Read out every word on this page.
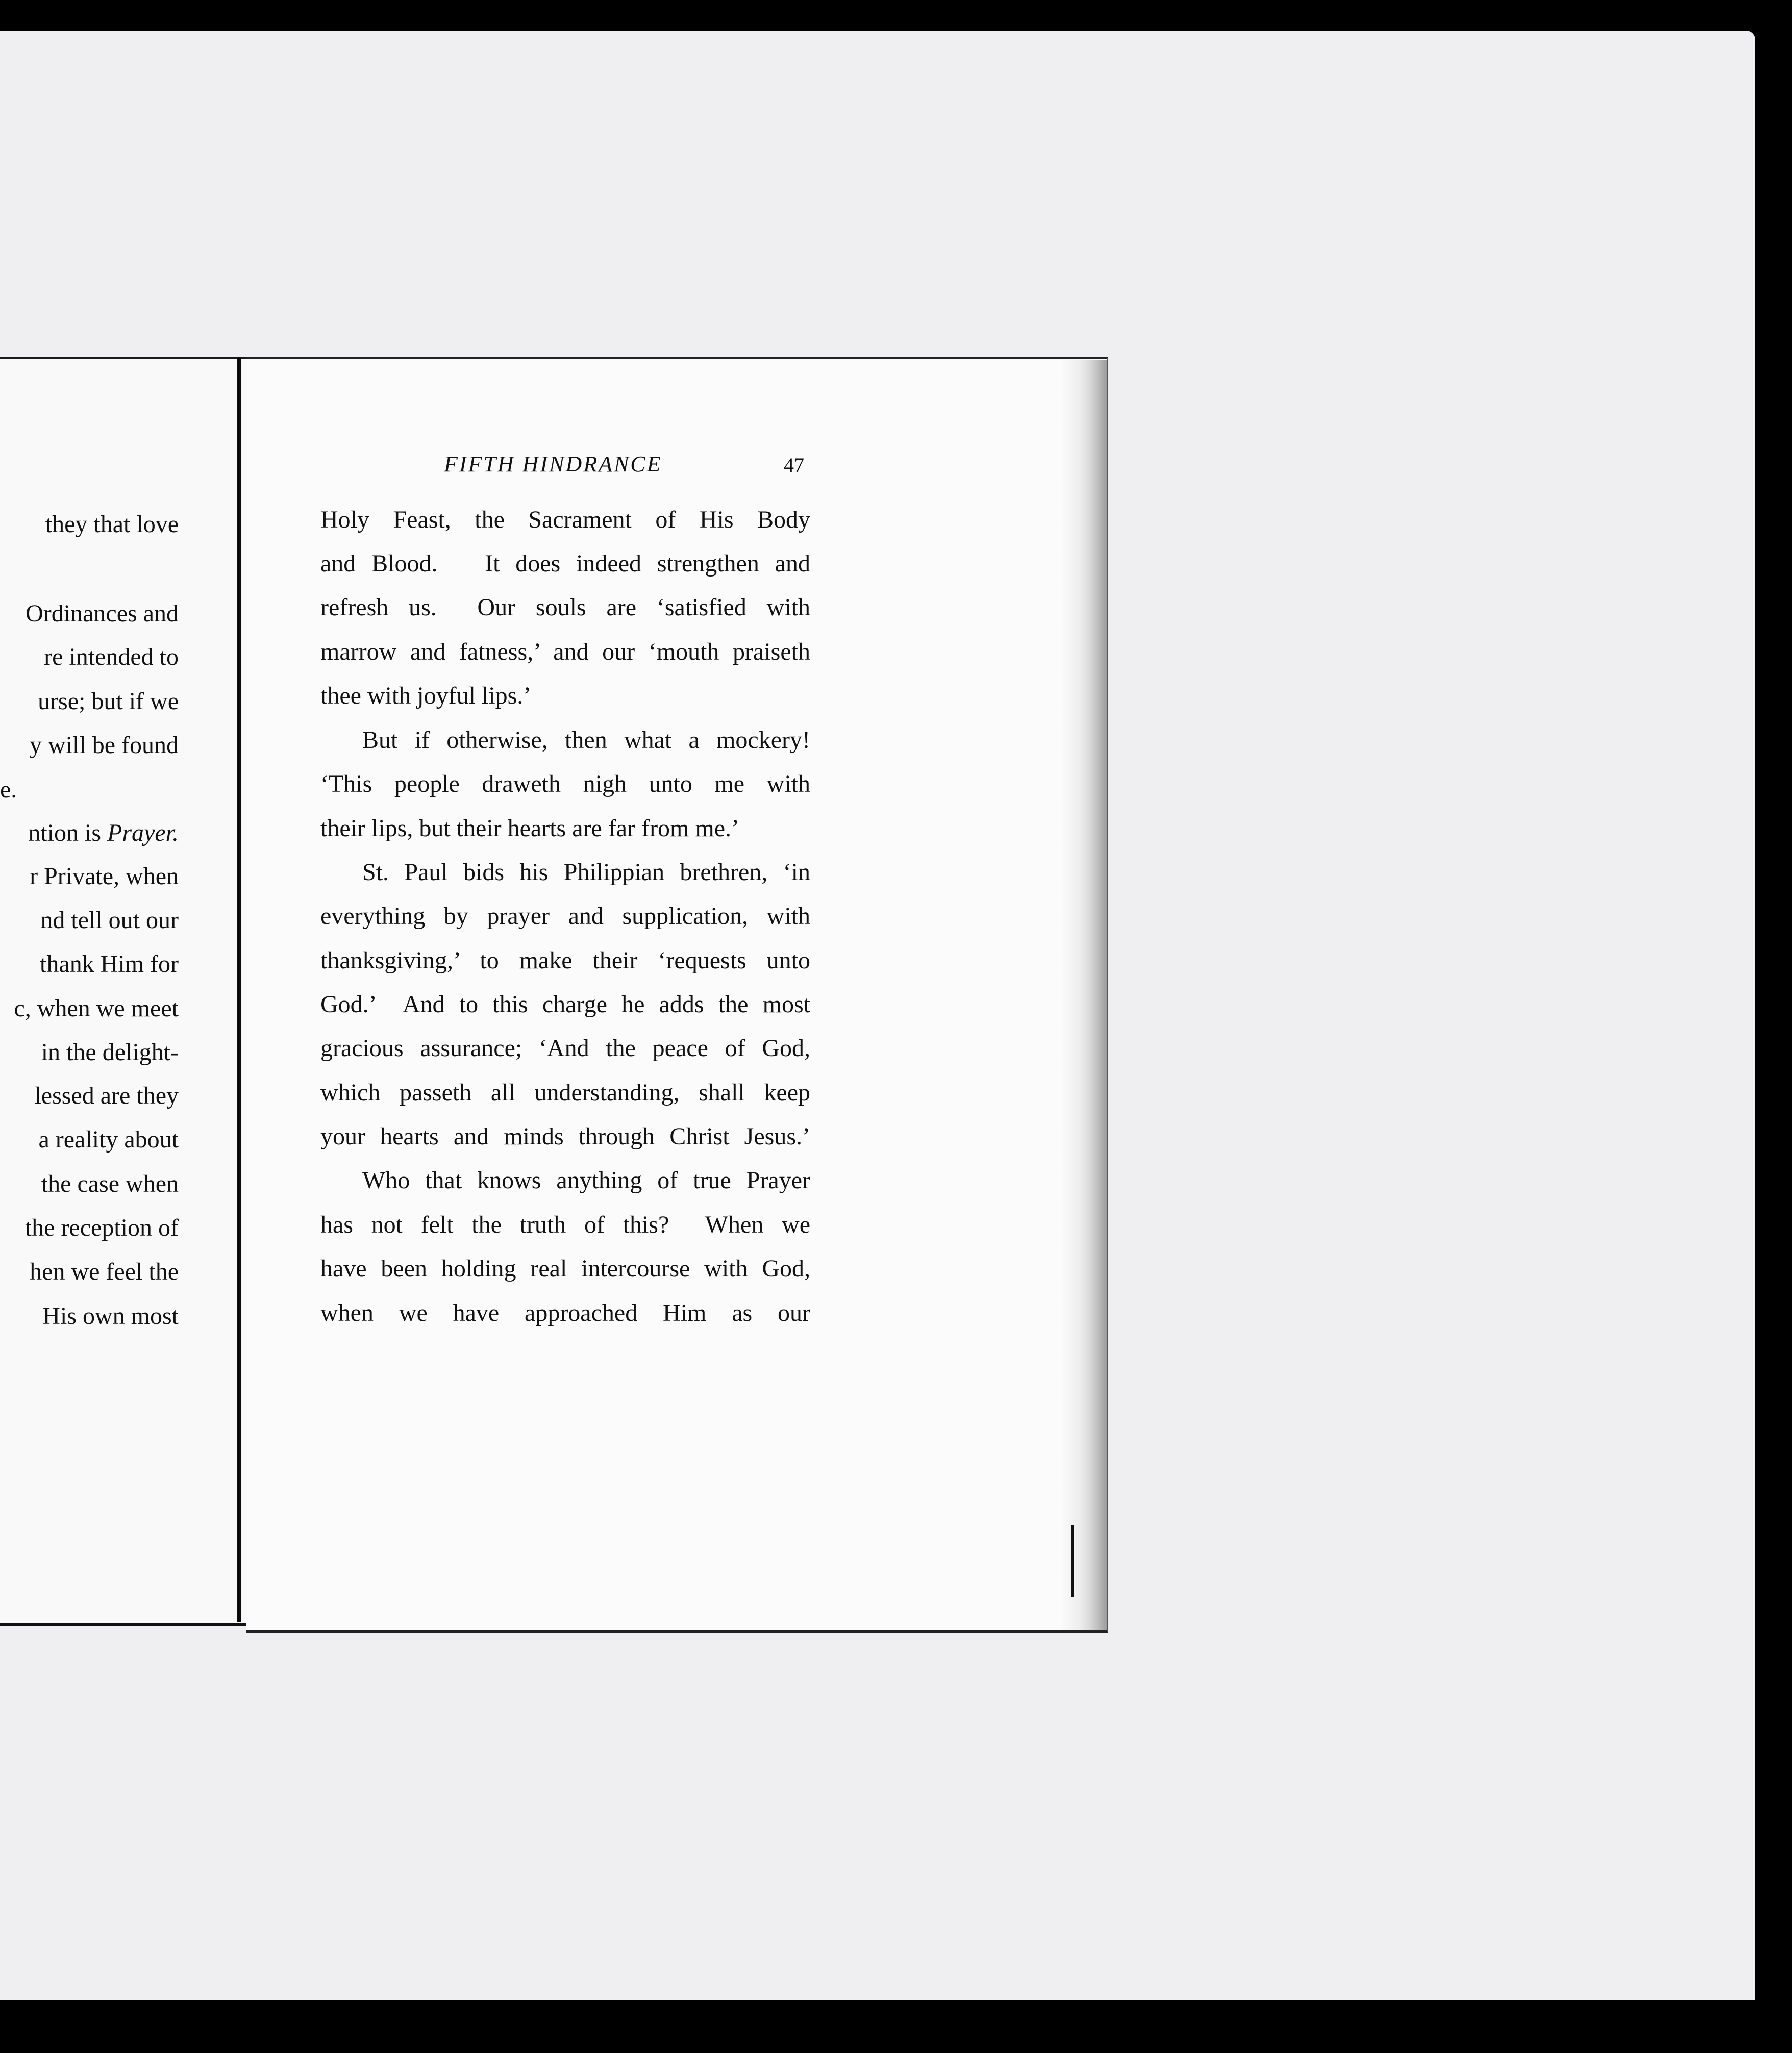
they that love

Ordinances and

re intended to

urse; but if we

y will be found

e.

ntion is Prayer.

r Private, when

nd tell out our

thank Him for

c, when we meet

in the delight-

lessed are they

a reality about

the case when

the reception of

hen we feel the

His own most

FIFTH HINDRANCE	47

Holy Feast, the Sacrament of His Body

and Blood.   It does indeed strengthen and

refresh us.  Our souls are ‘satisfied with

marrow and fatness,’ and our ‘mouth praiseth

thee with joyful lips.’

But if otherwise, then what a mockery!

‘This people draweth nigh unto me with

their lips, but their hearts are far from me.’

St. Paul bids his Philippian brethren, ‘in

everything by prayer and supplication, with

thanksgiving,’ to make their ‘requests unto

God.’  And to this charge he adds the most

gracious assurance; ‘And the peace of God,

which passeth all understanding, shall keep

your hearts and minds through Christ Jesus.’

Who that knows anything of true Prayer

has not felt the truth of this?  When we

have been holding real intercourse with God,

when we have approached Him as our
